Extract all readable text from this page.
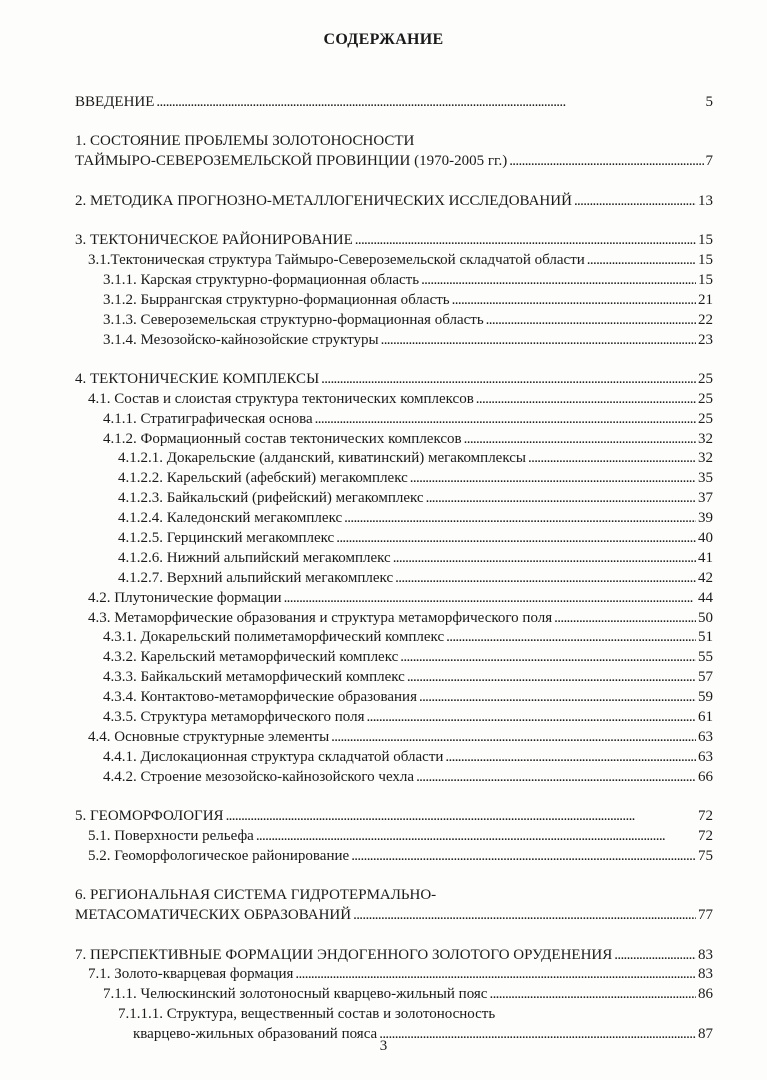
СОДЕРЖАНИЕ
ВВЕДЕНИЕ . . .	5
1. СОСТОЯНИЕ ПРОБЛЕМЫ ЗОЛОТОНОСНОСТИ
ТАЙМЫРО-СЕВЕРОЗЕМЕЛЬСКОЙ ПРОВИНЦИИ (1970-2005 гг.) . . .	7
2. МЕТОДИКА ПРОГНОЗНО-МЕТАЛЛОГЕНИЧЕСКИХ ИССЛЕДОВАНИЙ . . .	13
3. ТЕКТОНИЧЕСКОЕ РАЙОНИРОВАНИЕ . . .	15
3.1.Тектоническая структура Таймыро-Североземельской складчатой области . . .	15
3.1.1. Карская структурно-формационная область . . .	15
3.1.2. Быррангская структурно-формационная область . . .	21
3.1.3. Североземельская структурно-формационная область . . .	22
3.1.4. Мезозойско-кайнозойские структуры . . .	23
4. ТЕКТОНИЧЕСКИЕ КОМПЛЕКСЫ . . .	25
4.1. Состав и слоистая структура тектонических комплексов . . .	25
4.1.1. Стратиграфическая основа . . .	25
4.1.2. Формационный состав тектонических комплексов . . .	32
4.1.2.1. Докарельские (алданский, киватинский) мегакомплексы . . .	32
4.1.2.2. Карельский (афебский) мегакомплекс . . .	35
4.1.2.3. Байкальский (рифейский) мегакомплекс . . .	37
4.1.2.4. Каледонский мегакомплекс . . .	39
4.1.2.5. Герцинский мегакомплекс . . .	40
4.1.2.6. Нижний альпийский мегакомплекс . . .	41
4.1.2.7. Верхний альпийский мегакомплекс . . .	42
4.2. Плутонические формации . . .	44
4.3. Метаморфические образования и структура метаморфического поля . . .	50
4.3.1. Докарельский полиметаморфический комплекс . . .	51
4.3.2. Карельский метаморфический комплекс . . .	55
4.3.3. Байкальский метаморфический комплекс . . .	57
4.3.4. Контактово-метаморфические образования . . .	59
4.3.5. Структура метаморфического поля . . .	61
4.4. Основные структурные элементы . . .	63
4.4.1. Дислокационная структура складчатой области . . .	63
4.4.2. Строение мезозойско-кайнозойского чехла . . .	66
5. ГЕОМОРФОЛОГИЯ . . .	72
5.1. Поверхности рельефа . . .	72
5.2. Геоморфологическое районирование . . .	75
6. РЕГИОНАЛЬНАЯ СИСТЕМА ГИДРОТЕРМАЛЬНО-
МЕТАСОМАТИЧЕСКИХ ОБРАЗОВАНИЙ . . .	77
7. ПЕРСПЕКТИВНЫЕ ФОРМАЦИИ ЭНДОГЕННОГО ЗОЛОТОГО ОРУДЕНЕНИЯ . . .	83
7.1. Золото-кварцевая формация . . .	83
7.1.1. Челюскинский золотоносный кварцево-жильный пояс . . .	86
7.1.1.1. Структура, вещественный состав и золотоносность
кварцево-жильных образований пояса . . .	87
3
